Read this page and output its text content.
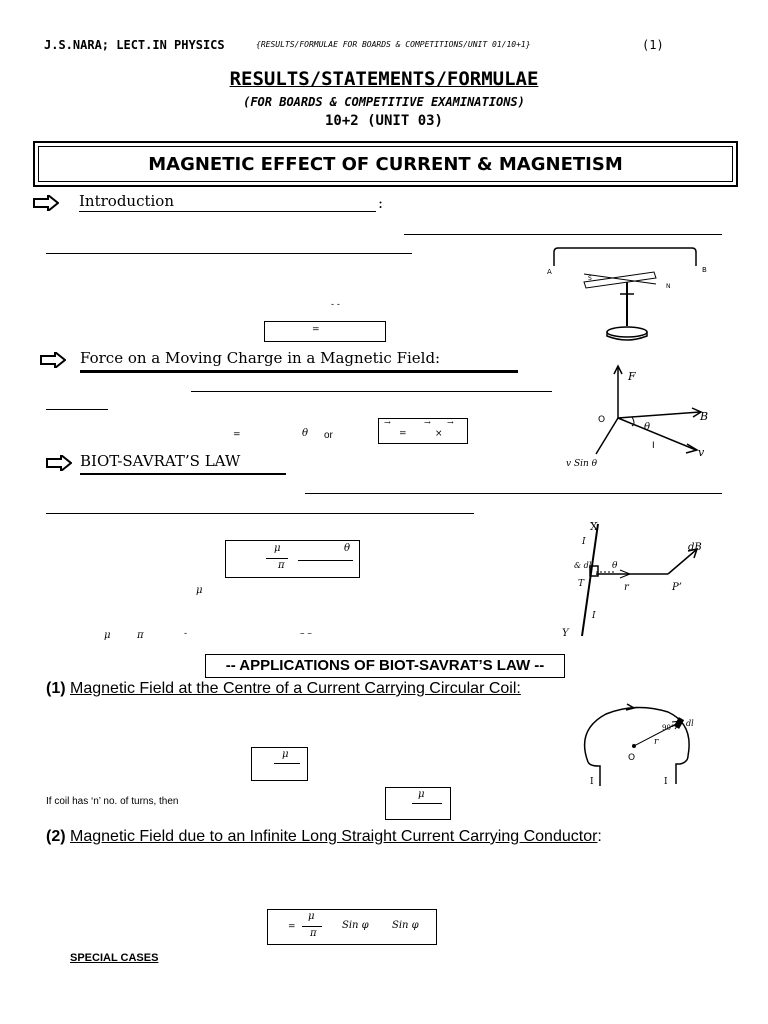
J.S.NARA; LECT.IN PHYSICS	{RESULTS/FORMULAE FOR BOARDS & COMPETITIONS/UNIT 01/10+1}	(1)
RESULTS/STATEMENTS/FORMULAE
(FOR BOARDS & COMPETITIVE EXAMINATIONS)
10+2 (UNIT 03)
MAGNETIC EFFECT OF CURRENT & MAGNETISM
Introduction	:
- -
=
A	B
S
N
Force on a Moving Charge in a Magnetic Field:
=	θ or
→
=
→
×
→
F
B
v
O
θ
I
v Sin θ
BIOT-SAVRAT’S LAW
μ
π
θ
μ
μ	π	-	– –
X
I
& dl
T
θ
r	P’
dB
I
Y
-- APPLICATIONS OF BIOT-SAVRAT’S LAW --
(1) Magnetic Field at the Centre of a Current Carrying Circular Coil:
μ
If coil has ‘n’ no. of turns, then
μ
dl
90°
r
O
I	I
(2) Magnetic Field due to an Infinite Long Straight Current Carrying Conductor:
=
μ
π
Sin φ Sin φ
SPECIAL CASES
